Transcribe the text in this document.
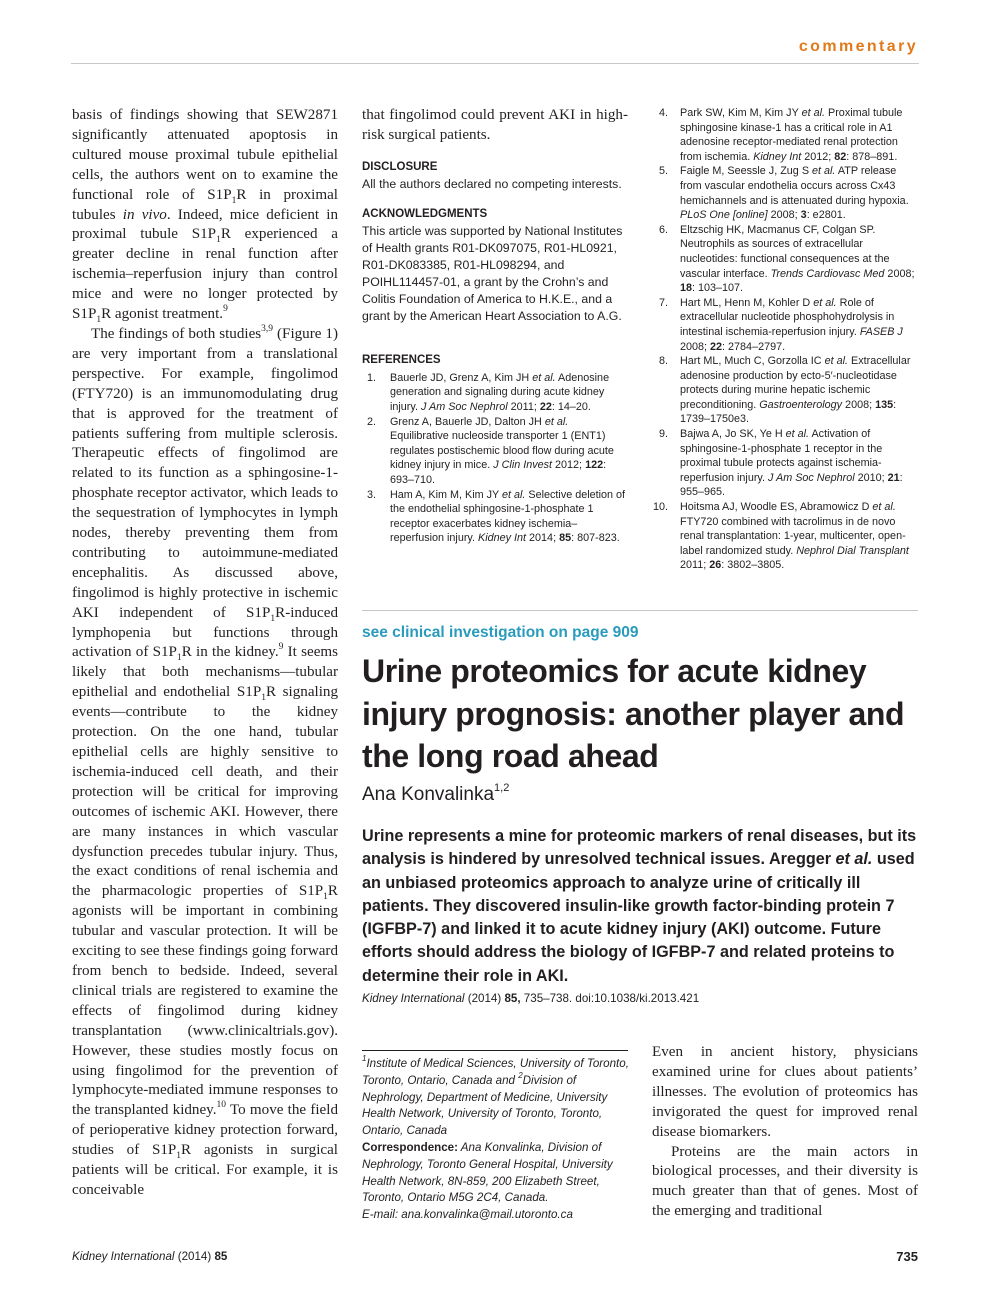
commentary

basis of findings showing that SEW2871 significantly attenuated apoptosis in cultured mouse proximal tubule epithelial cells, the authors went on to examine the functional role of $S1P_1R$ in proximal tubules in vivo. Indeed, mice deficient in proximal tubule $S1P_1R$ experienced a greater decline in renal function after ischemia–reperfusion injury than control mice and were no longer protected by $S1P_1R$ agonist treatment.$^9$

The findings of both studies$^{3,9}$ (Figure 1) are very important from a translational perspective. For example, fingolimod (FTY720) is an immunomodulating drug that is approved for the treatment of patients suffering from multiple sclerosis. Therapeutic effects of fingolimod are related to its function as a sphingosine-1-phosphate receptor activator, which leads to the sequestration of lymphocytes in lymph nodes, thereby preventing them from contributing to autoimmune-mediated encephalitis. As discussed above, fingolimod is highly protective in ischemic AKI independent of $S1P_1R$-induced lymphopenia but functions through activation of $S1P_1R$ in the kidney.$^9$ It seems likely that both mechanisms—tubular epithelial and endothelial $S1P_1R$ signaling events—contribute to the kidney protection. On the one hand, tubular epithelial cells are highly sensitive to ischemia-induced cell death, and their protection will be critical for improving outcomes of ischemic AKI. However, there are many instances in which vascular dysfunction precedes tubular injury. Thus, the exact conditions of renal ischemia and the pharmacologic properties of $S1P_1R$ agonists will be important in combining tubular and vascular protection. It will be exciting to see these findings going forward from bench to bedside. Indeed, several clinical trials are registered to examine the effects of fingolimod during kidney transplantation (www.clinicaltrials.gov). However, these studies mostly focus on using fingolimod for the prevention of lymphocyte-mediated immune responses to the transplanted kidney.$^{10}$ To move the field of perioperative kidney protection forward, studies of $S1P_1R$ agonists in surgical patients will be critical. For example, it is conceivable

that fingolimod could prevent AKI in high-risk surgical patients.

DISCLOSURE
All the authors declared no competing interests.
ACKNOWLEDGMENTS
This article was supported by National Institutes of Health grants R01-DK097075, R01-HL0921, R01-DK083385, R01-HL098294, and POIHL114457-01, a grant by the Crohn’s and Colitis Foundation of America to H.K.E., and a grant by the American Heart Association to A.G.
REFERENCES
1. Bauerle JD, Grenz A, Kim JH et al. Adenosine generation and signaling during acute kidney injury. J Am Soc Nephrol 2011; 22: 14–20.
2. Grenz A, Bauerle JD, Dalton JH et al. Equilibrative nucleoside transporter 1 (ENT1) regulates postischemic blood flow during acute kidney injury in mice. J Clin Invest 2012; 122: 693–710.
3. Ham A, Kim M, Kim JY et al. Selective deletion of the endothelial sphingosine-1-phosphate 1 receptor exacerbates kidney ischemia–reperfusion injury. Kidney Int 2014; 85: 807-823.
4. Park SW, Kim M, Kim JY et al. Proximal tubule sphingosine kinase-1 has a critical role in A1 adenosine receptor-mediated renal protection from ischemia. Kidney Int 2012; 82: 878–891.
5. Faigle M, Seessle J, Zug S et al. ATP release from vascular endothelia occurs across Cx43 hemichannels and is attenuated during hypoxia. PLoS One [online] 2008; 3: e2801.
6. Eltzschig HK, Macmanus CF, Colgan SP. Neutrophils as sources of extracellular nucleotides: functional consequences at the vascular interface. Trends Cardiovasc Med 2008; 18: 103–107.
7. Hart ML, Henn M, Kohler D et al. Role of extracellular nucleotide phosphohydrolysis in intestinal ischemia-reperfusion injury. FASEB J 2008; 22: 2784–2797.
8. Hart ML, Much C, Gorzolla IC et al. Extracellular adenosine production by ecto-5′-nucleotidase protects during murine hepatic ischemic preconditioning. Gastroenterology 2008; 135: 1739–1750e3.
9. Bajwa A, Jo SK, Ye H et al. Activation of sphingosine-1-phosphate 1 receptor in the proximal tubule protects against ischemia-reperfusion injury. J Am Soc Nephrol 2010; 21: 955–965.
10. Hoitsma AJ, Woodle ES, Abramowicz D et al. FTY720 combined with tacrolimus in de novo renal transplantation: 1-year, multicenter, open-label randomized study. Nephrol Dial Transplant 2011; 26: 3802–3805.
see clinical investigation on page 909
Urine proteomics for acute kidney injury prognosis: another player and the long road ahead
Ana Konvalinka$^{1,2}$

Urine represents a mine for proteomic markers of renal diseases, but its analysis is hindered by unresolved technical issues. Aregger et al. used an unbiased proteomics approach to analyze urine of critically ill patients. They discovered insulin-like growth factor-binding protein 7 (IGFBP-7) and linked it to acute kidney injury (AKI) outcome. Future efforts should address the biology of IGFBP-7 and related proteins to determine their role in AKI.

Kidney International (2014) 85, 735–738. doi:10.1038/ki.2013.421

$^1$Institute of Medical Sciences, University of Toronto, Toronto, Ontario, Canada and $^2$Division of Nephrology, Department of Medicine, University Health Network, University of Toronto, Toronto, Ontario, Canada
Correspondence: Ana Konvalinka, Division of Nephrology, Toronto General Hospital, University Health Network, 8N-859, 200 Elizabeth Street, Toronto, Ontario M5G 2C4, Canada.
E-mail: ana.konvalinka@mail.utoronto.ca

Even in ancient history, physicians examined urine for clues about patients’ illnesses. The evolution of proteomics has invigorated the quest for improved renal disease biomarkers.

Proteins are the main actors in biological processes, and their diversity is much greater than that of genes. Most of the emerging and traditional

Kidney International (2014) 85	735
